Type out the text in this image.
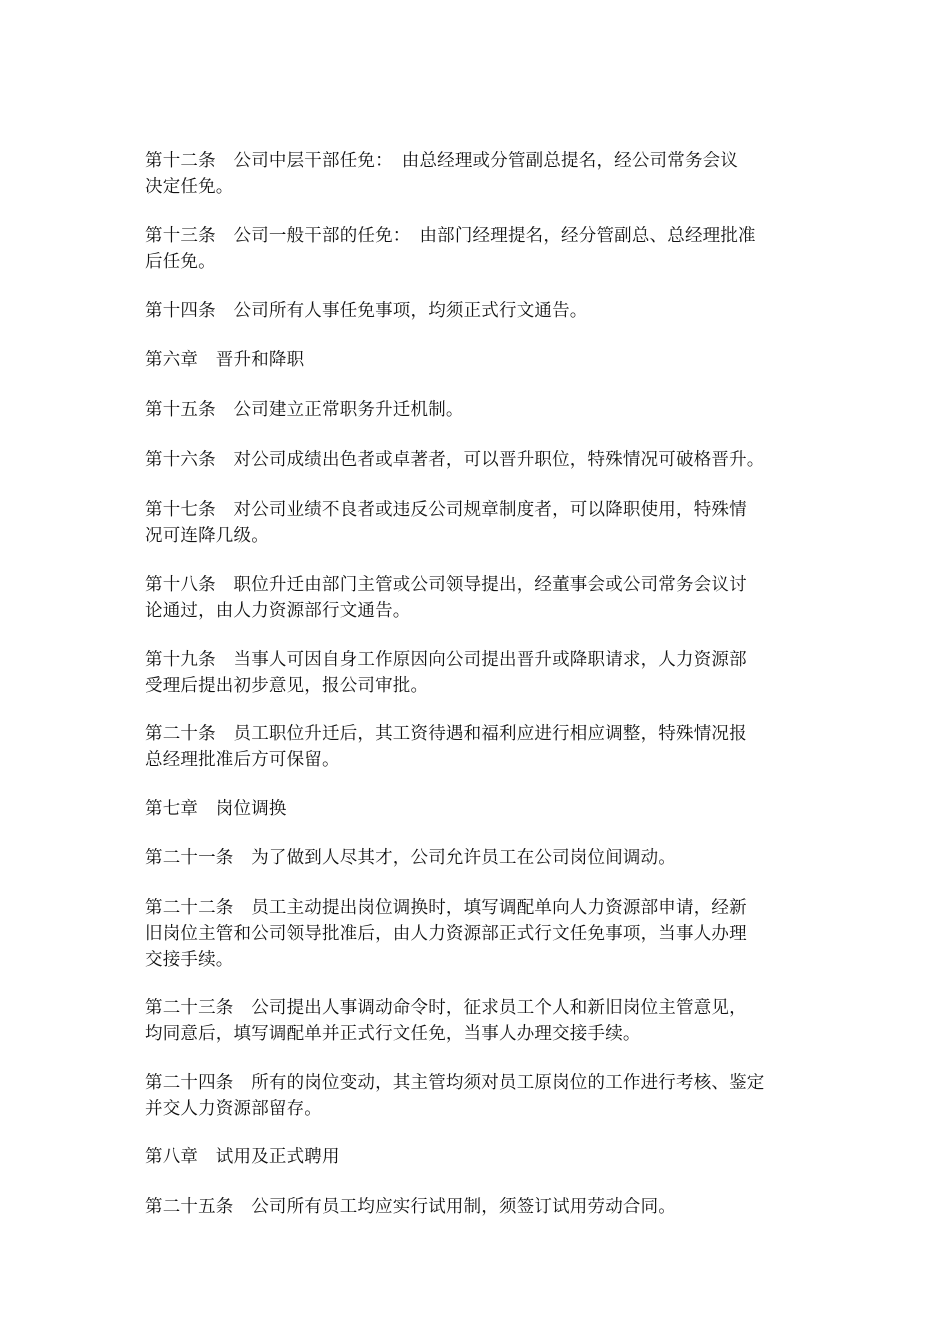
第十二条　公司中层干部任免：　由总经理或分管副总提名，经公司常务会议
决定任免。
第十三条　公司一般干部的任免：　由部门经理提名，经分管副总、总经理批准
后任免。
第十四条　公司所有人事任免事项，均须正式行文通告。
第六章　晋升和降职
第十五条　公司建立正常职务升迁机制。
第十六条　对公司成绩出色者或卓著者，可以晋升职位，特殊情况可破格晋升。
第十七条　对公司业绩不良者或违反公司规章制度者，可以降职使用，特殊情
况可连降几级。
第十八条　职位升迁由部门主管或公司领导提出，经董事会或公司常务会议讨
论通过，由人力资源部行文通告。
第十九条　当事人可因自身工作原因向公司提出晋升或降职请求，人力资源部
受理后提出初步意见，报公司审批。
第二十条　员工职位升迁后，其工资待遇和福利应进行相应调整，特殊情况报
总经理批准后方可保留。
第七章　岗位调换
第二十一条　为了做到人尽其才，公司允许员工在公司岗位间调动。
第二十二条　员工主动提出岗位调换时，填写调配单向人力资源部申请，经新
旧岗位主管和公司领导批准后，由人力资源部正式行文任免事项，当事人办理
交接手续。
第二十三条　公司提出人事调动命令时，征求员工个人和新旧岗位主管意见，
均同意后，填写调配单并正式行文任免，当事人办理交接手续。
第二十四条　所有的岗位变动，其主管均须对员工原岗位的工作进行考核、鉴定
并交人力资源部留存。
第八章　试用及正式聘用
第二十五条　公司所有员工均应实行试用制，须签订试用劳动合同。
